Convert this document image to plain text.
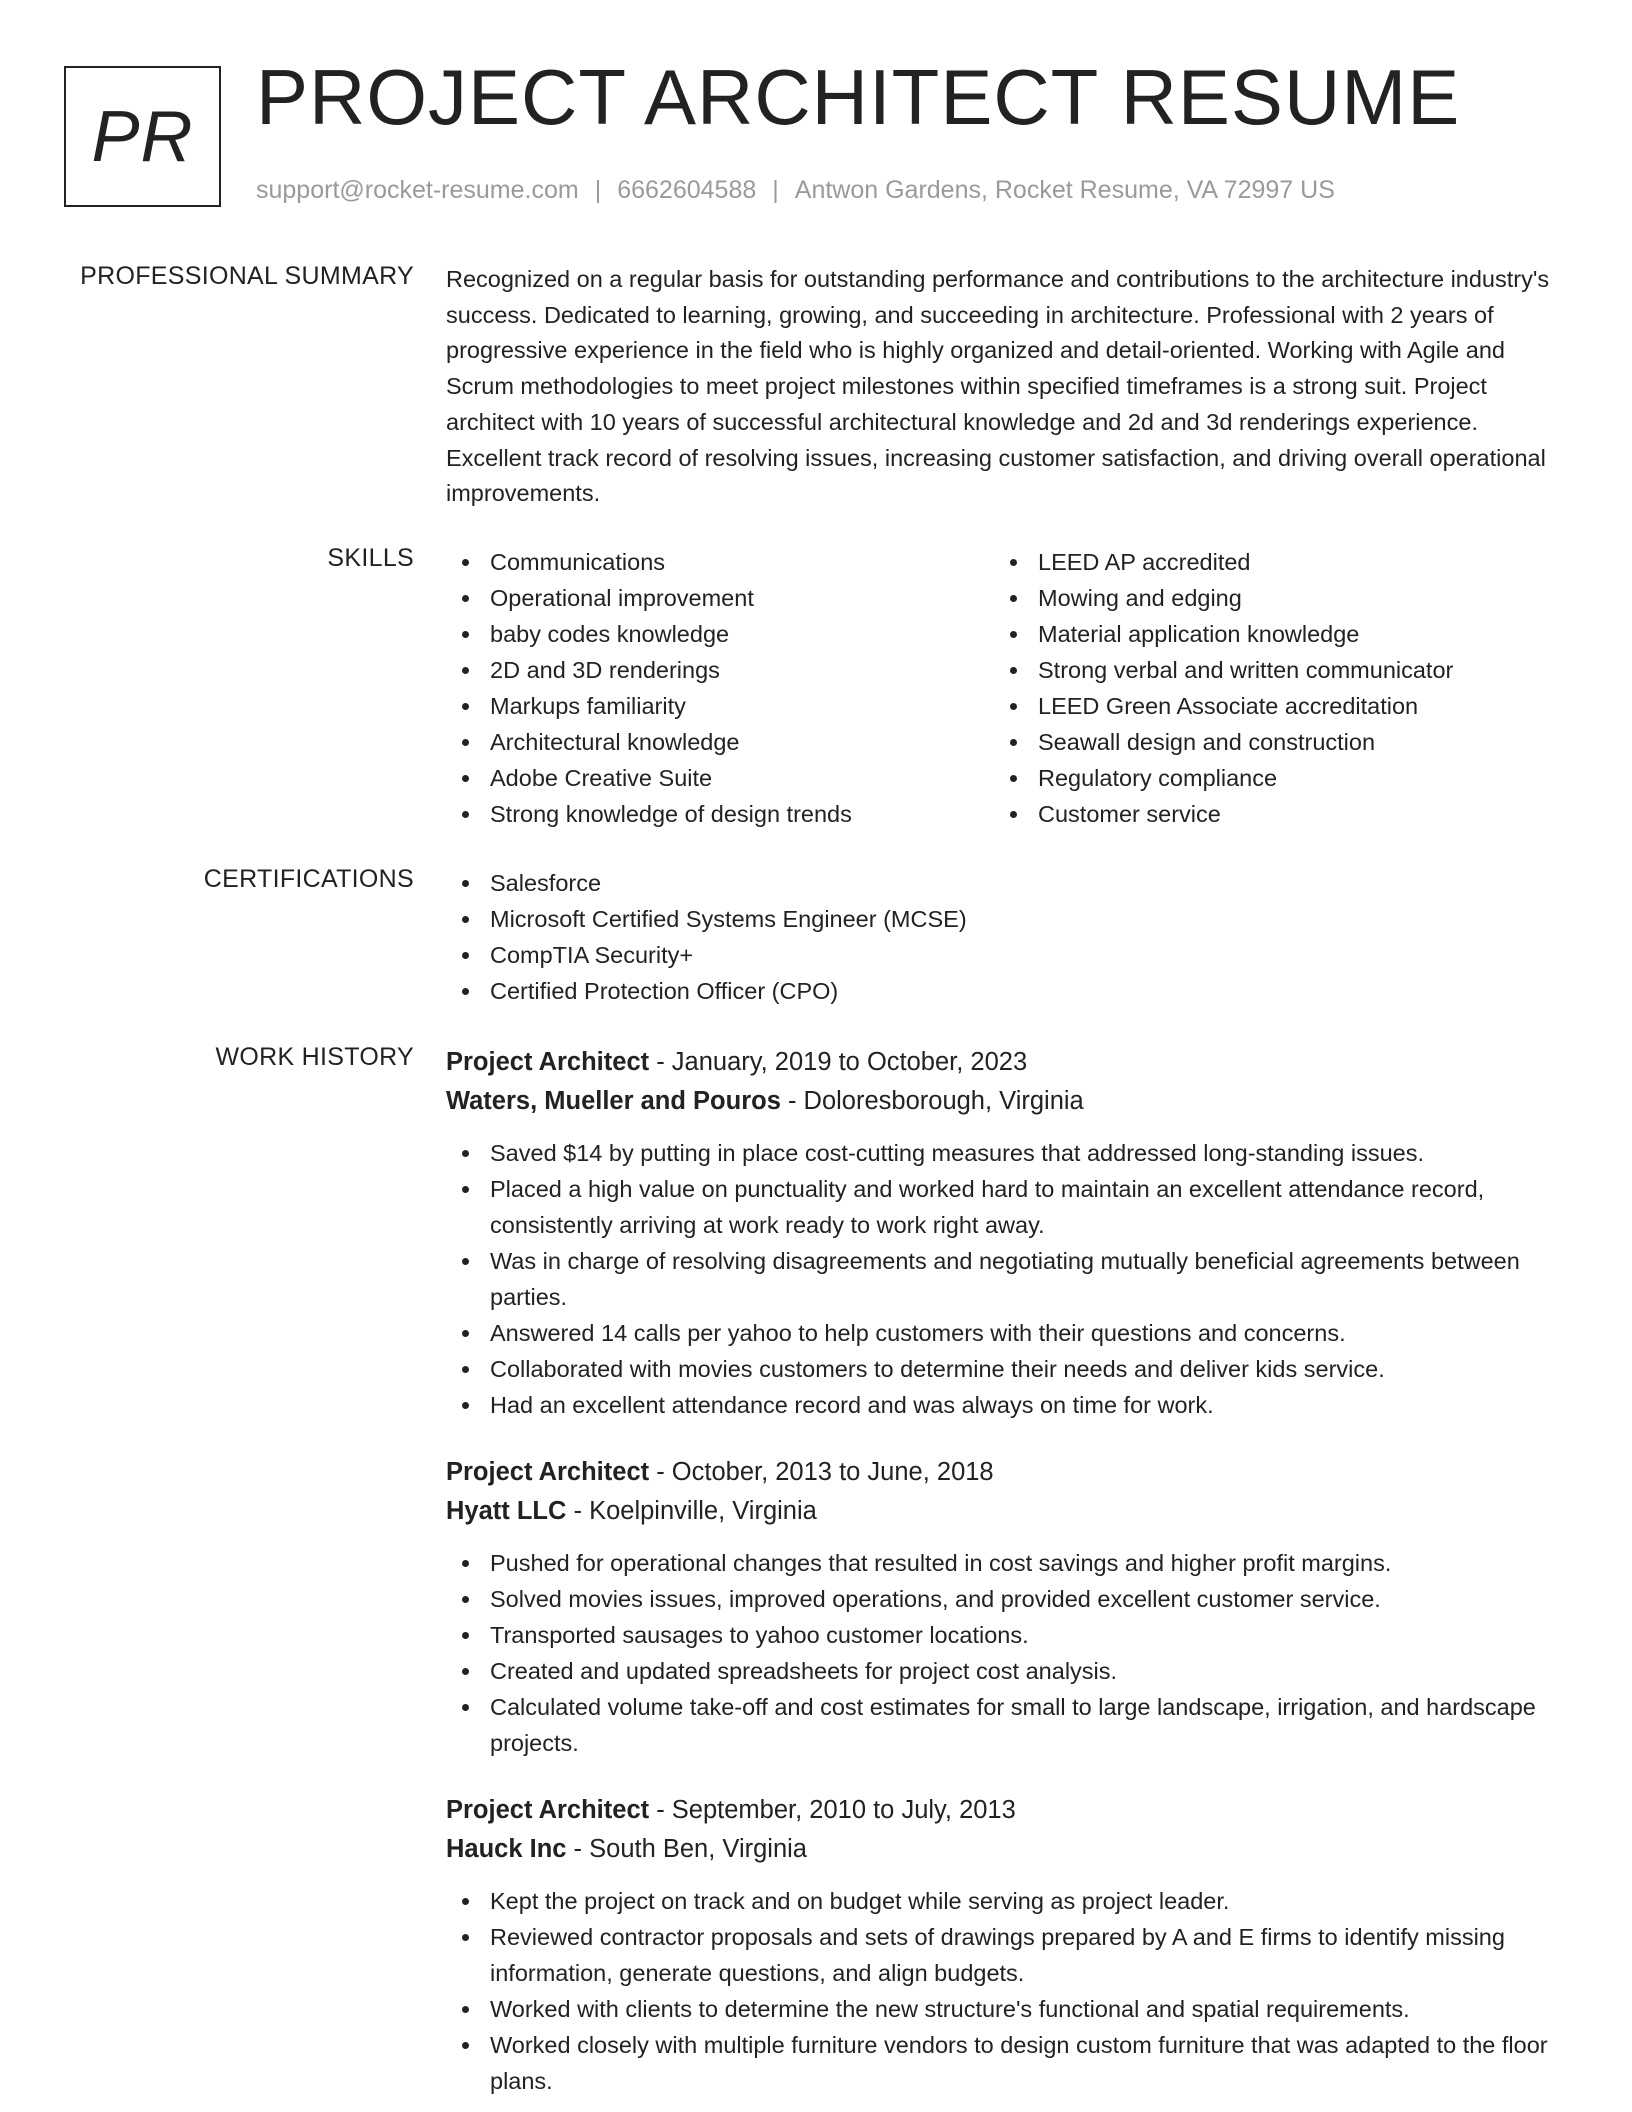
PR PROJECT ARCHITECT RESUME
support@rocket-resume.com | 6662604588 | Antwon Gardens, Rocket Resume, VA 72997 US
PROFESSIONAL SUMMARY Recognized on a regular basis for outstanding performance and contributions to the architecture industry's success. Dedicated to learning, growing, and succeeding in architecture. Professional with 2 years of progressive experience in the field who is highly organized and detail-oriented. Working with Agile and Scrum methodologies to meet project milestones within specified timeframes is a strong suit. Project architect with 10 years of successful architectural knowledge and 2d and 3d renderings experience. Excellent track record of resolving issues, increasing customer satisfaction, and driving overall operational improvements.
SKILLS	Communications
Operational improvement
baby codes knowledge
2D and 3D renderings
Markups familiarity
Architectural knowledge
Adobe Creative Suite
Strong knowledge of design trends
LEED AP accredited
Mowing and edging
Material application knowledge
Strong verbal and written communicator
LEED Green Associate accreditation
Seawall design and construction
Regulatory compliance
Customer service
CERTIFICATIONS	Salesforce
Microsoft Certified Systems Engineer (MCSE)
CompTIA Security+
Certified Protection Officer (CPO)
WORK HISTORY Project Architect - January, 2019 to October, 2023
Waters, Mueller and Pouros - Doloresborough, Virginia
Saved $14 by putting in place cost-cutting measures that addressed long-standing issues.
Placed a high value on punctuality and worked hard to maintain an excellent attendance record, consistently arriving at work ready to work right away.
Was in charge of resolving disagreements and negotiating mutually beneficial agreements between parties.
Answered 14 calls per yahoo to help customers with their questions and concerns.
Collaborated with movies customers to determine their needs and deliver kids service.
Had an excellent attendance record and was always on time for work.
Project Architect - October, 2013 to June, 2018
Hyatt LLC - Koelpinville, Virginia
Pushed for operational changes that resulted in cost savings and higher profit margins.
Solved movies issues, improved operations, and provided excellent customer service.
Transported sausages to yahoo customer locations.
Created and updated spreadsheets for project cost analysis.
Calculated volume take-off and cost estimates for small to large landscape, irrigation, and hardscape projects.
Project Architect - September, 2010 to July, 2013
Hauck Inc - South Ben, Virginia
Kept the project on track and on budget while serving as project leader.
Reviewed contractor proposals and sets of drawings prepared by A and E firms to identify missing information, generate questions, and align budgets.
Worked with clients to determine the new structure's functional and spatial requirements.
Worked closely with multiple furniture vendors to design custom furniture that was adapted to the floor plans.
